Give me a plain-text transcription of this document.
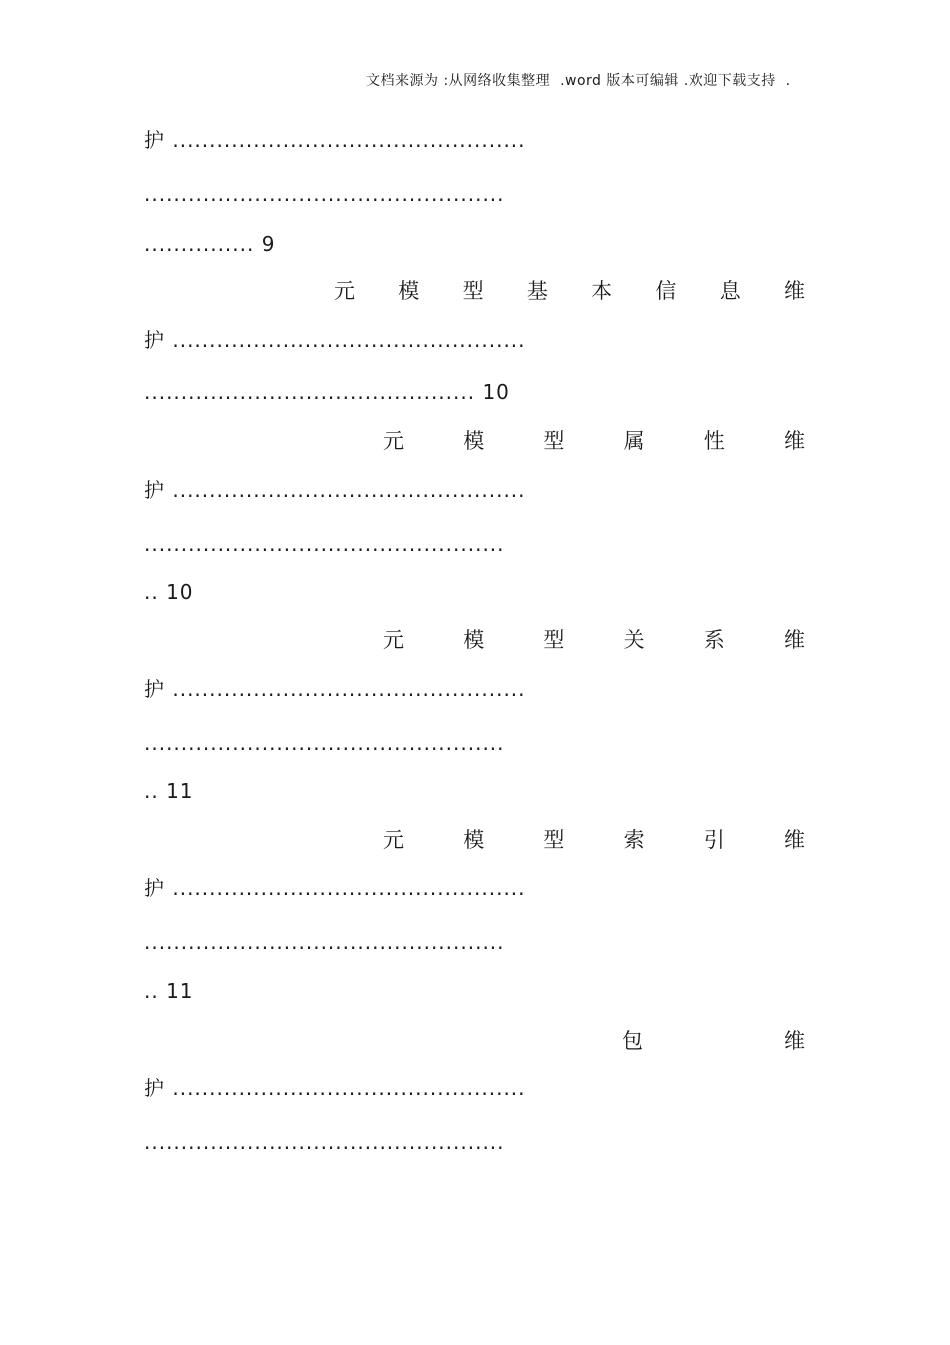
文档来源为 :从网络收集整理  .word 版本可编辑 .欢迎下载支持  .
护 ................................................
.................................................
............... 9
元 模 型 基 本 信 息 维
护 ................................................
............................................. 10
元	模	型	属	性	维
护 ................................................
.................................................
.. 10
元	模	型	关	系	维
护 ................................................
.................................................
.. 11
元	模	型	索	引	维
护 ................................................
.................................................
.. 11
包	维
护 ................................................
.................................................
